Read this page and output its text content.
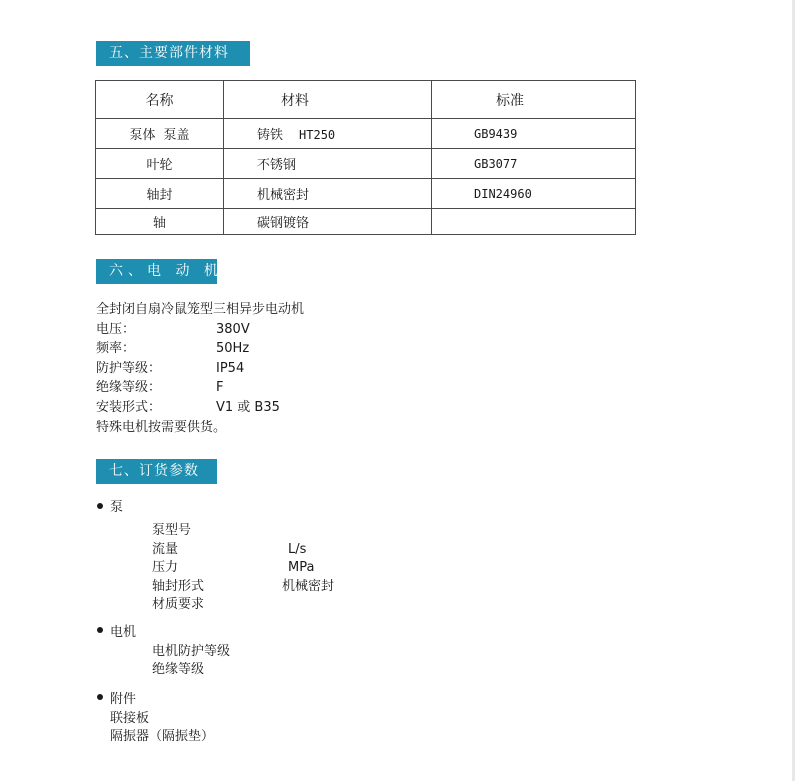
五、主要部件材料
名称	材料	标准
泵体 泵盖	铸铁 HT250	GB9439
叶轮	不锈钢	GB3077
轴封	机械密封	DIN24960
轴	碳钢镀铬	
六、电 动 机
全封闭自扇冷鼠笼型三相异步电动机
电压：	380V
频率：	50Hz
防护等级：	IP54
绝缘等级：	F
安装形式：	V1 或 B35
特殊电机按需要供货。
七、订货参数
泵
泵型号
流量	L/s
压力	MPa
轴封形式	机械密封
材质要求
电机
电机防护等级
绝缘等级
附件
联接板
隔振器（隔振垫）
